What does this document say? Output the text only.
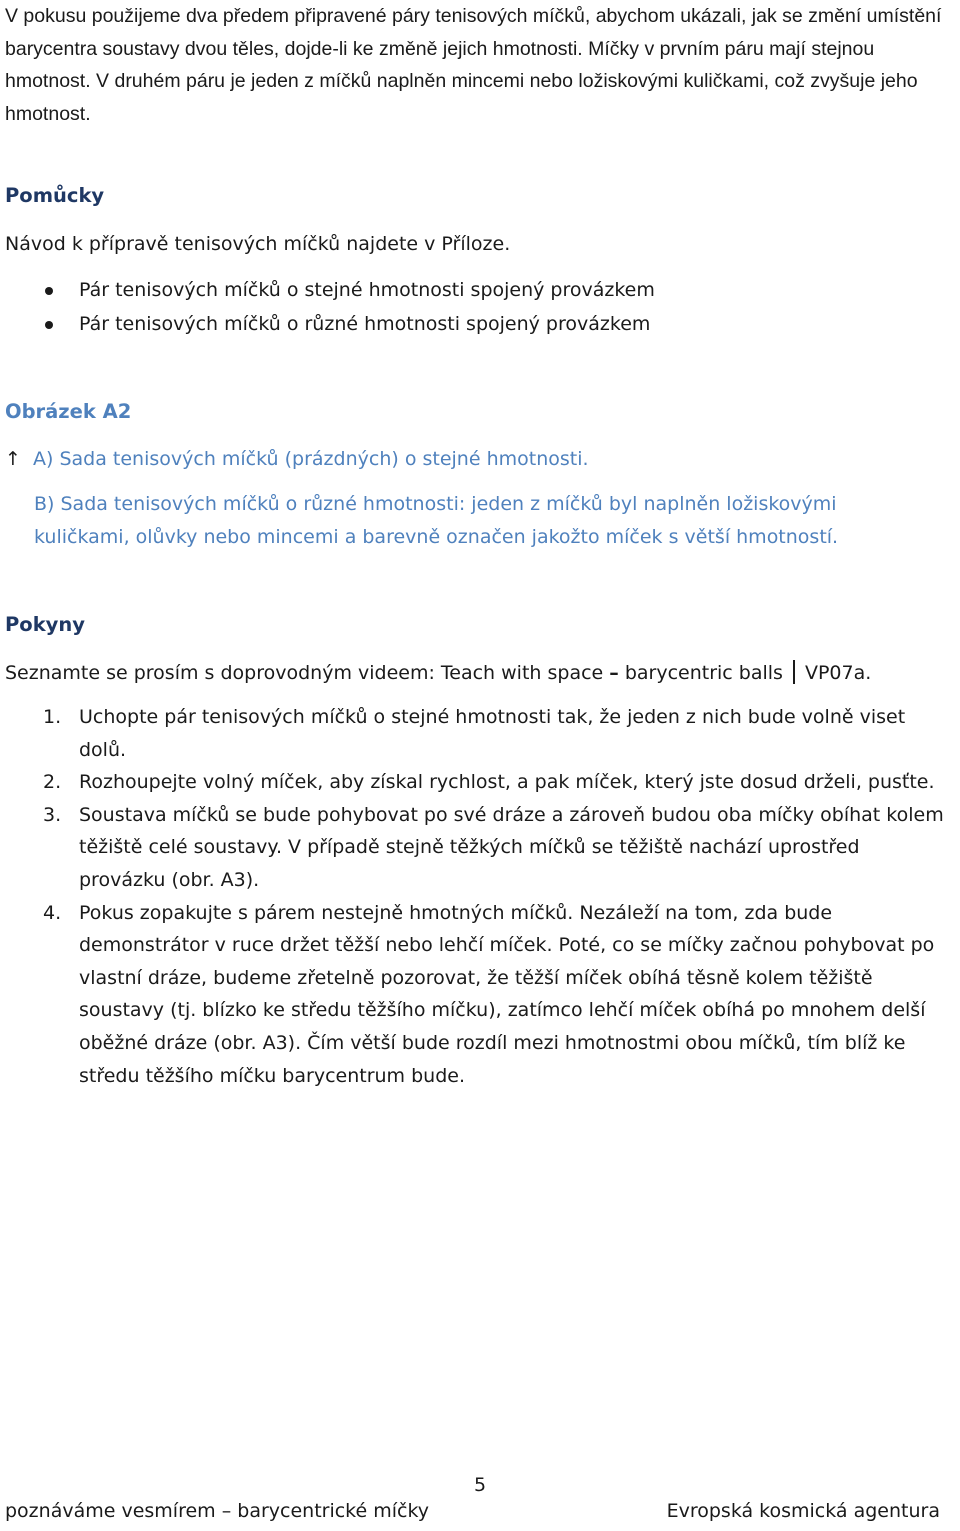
V pokusu použijeme dva předem připravené páry tenisových míčků, abychom ukázali, jak se změní umístění barycentra soustavy dvou těles, dojde-li ke změně jejich hmotnosti. Míčky v prvním páru mají stejnou hmotnost. V druhém páru je jeden z míčků naplněn mincemi nebo ložiskovými kuličkami, což zvyšuje jeho hmotnost.

Pomůcky

Návod k přípravě tenisových míčků najdete v Příloze.

Pár tenisových míčků o stejné hmotnosti spojený provázkem
Pár tenisových míčků o různé hmotnosti spojený provázkem
Obrázek A2

↑ A) Sada tenisových míčků (prázdných) o stejné hmotnosti.

B) Sada tenisových míčků o různé hmotnosti: jeden z míčků byl naplněn ložiskovými kuličkami, olůvky nebo mincemi a barevně označen jakožto míček s větší hmotností.

Pokyny

Seznamte se prosím s doprovodným videem: Teach with space – barycentric balls VP07a.

1. Uchopte pár tenisových míčků o stejné hmotnosti tak, že jeden z nich bude volně viset dolů.
2. Rozhoupejte volný míček, aby získal rychlost, a pak míček, který jste dosud drželi, pusťte.
3. Soustava míčků se bude pohybovat po své dráze a zároveň budou oba míčky obíhat kolem těžiště celé soustavy. V případě stejně těžkých míčků se těžiště nachází uprostřed provázku (obr. A3).
4. Pokus zopakujte s párem nestejně hmotných míčků. Nezáleží na tom, zda bude demonstrátor v ruce držet těžší nebo lehčí míček. Poté, co se míčky začnou pohybovat po vlastní dráze, budeme zřetelně pozorovat, že těžší míček obíhá těsně kolem těžiště soustavy (tj. blízko ke středu těžšího míčku), zatímco lehčí míček obíhá po mnohem delší oběžné dráze (obr. A3). Čím větší bude rozdíl mezi hmotnostmi obou míčků, tím blíž ke středu těžšího míčku barycentrum bude.
5
poznáváme vesmírem – barycentrické míčky	Evropská kosmická agentura
